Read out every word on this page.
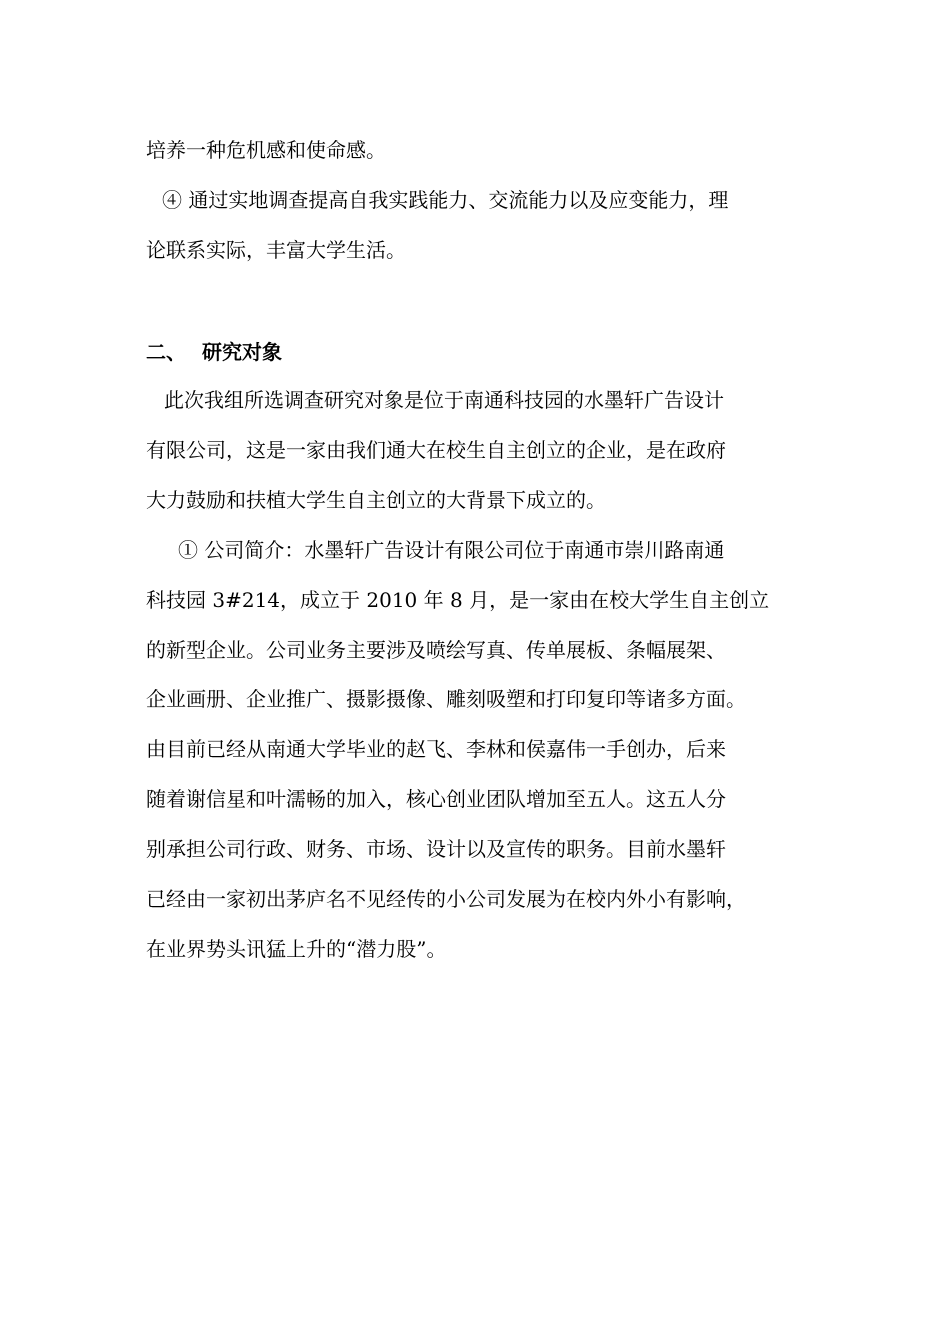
培养一种危机感和使命感。
④ 通过实地调查提高自我实践能力、交流能力以及应变能力，理
论联系实际，丰富大学生活。
二、 研究对象
此次我组所选调查研究对象是位于南通科技园的水墨轩广告设计
有限公司，这是一家由我们通大在校生自主创立的企业，是在政府
大力鼓励和扶植大学生自主创立的大背景下成立的。
① 公司简介：水墨轩广告设计有限公司位于南通市崇川路南通
科技园 3#214，成立于 2010 年 8 月，是一家由在校大学生自主创立
的新型企业。公司业务主要涉及喷绘写真、传单展板、条幅展架、
企业画册、企业推广、摄影摄像、雕刻吸塑和打印复印等诸多方面。
由目前已经从南通大学毕业的赵飞、李林和侯嘉伟一手创办，后来
随着谢信星和叶濡畅的加入，核心创业团队增加至五人。这五人分
别承担公司行政、财务、市场、设计以及宣传的职务。目前水墨轩
已经由一家初出茅庐名不见经传的小公司发展为在校内外小有影响，
在业界势头讯猛上升的“潜力股”。
